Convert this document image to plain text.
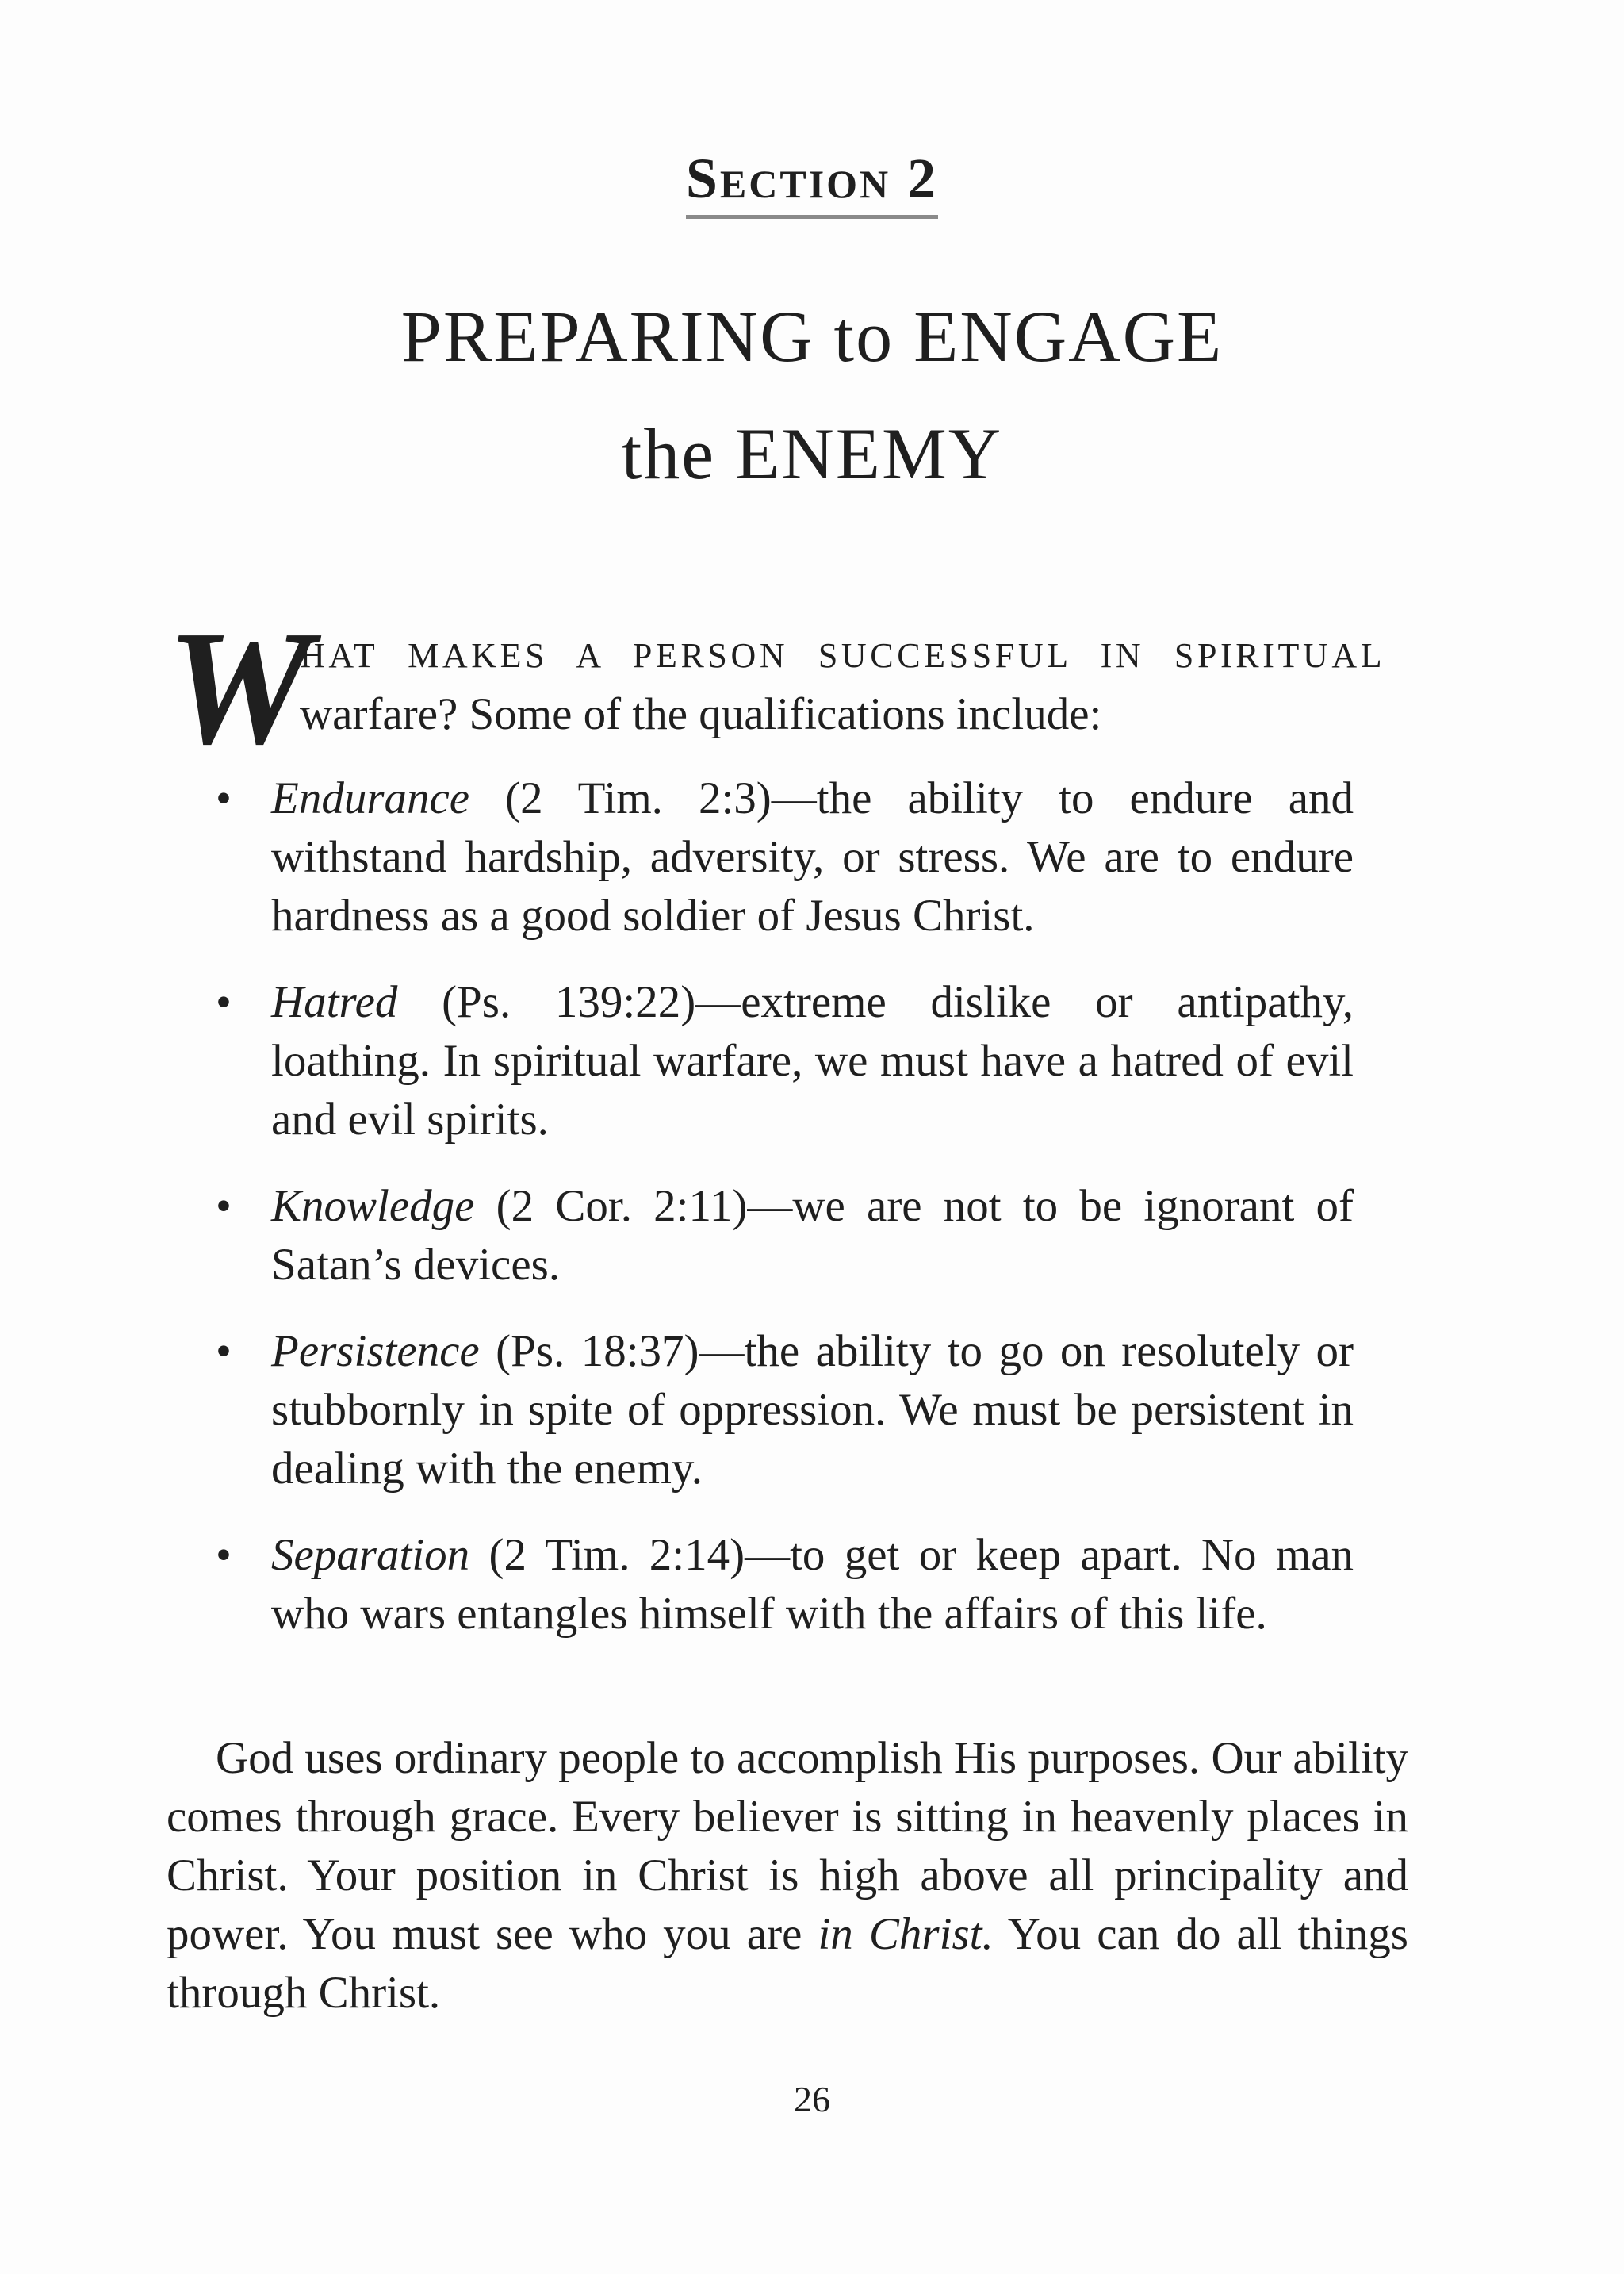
Section 2
PREPARING to ENGAGE
the ENEMY
W
HAT MAKES A PERSON SUCCESSFUL IN SPIRITUAL
warfare? Some of the qualifications include:
• Endurance (2 Tim. 2:3)—the ability to endure and withstand hardship, adversity, or stress. We are to endure hardness as a good soldier of Jesus Christ.
• Hatred (Ps. 139:22)—extreme dislike or antipathy, loathing. In spiritual warfare, we must have a hatred of evil and evil spirits.
• Knowledge (2 Cor. 2:11)—we are not to be ignorant of Satan’s devices.
• Persistence (Ps. 18:37)—the ability to go on resolutely or stubbornly in spite of oppression. We must be persistent in dealing with the enemy.
• Separation (2 Tim. 2:14)—to get or keep apart. No man who wars entangles himself with the affairs of this life.

God uses ordinary people to accomplish His purposes. Our ability comes through grace. Every believer is sitting in heavenly places in Christ. Your position in Christ is high above all principality and power. You must see who you are in Christ. You can do all things through Christ.

26
